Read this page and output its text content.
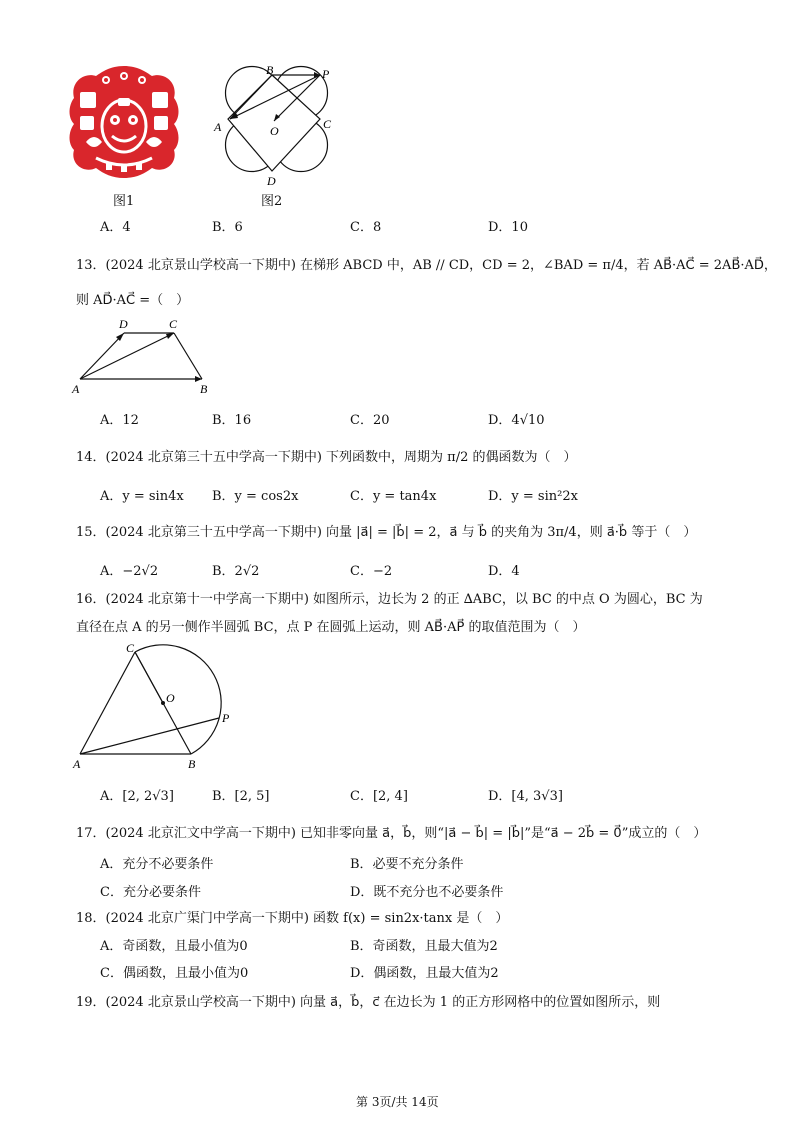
图1
B	P
A	O	C
D
图2
A．4	B．6	C．8	D．10
13．(2024 北京景山学校高一下期中) 在梯形 ABCD 中，AB // CD，CD = 2，∠BAD = π/4，若 AB⃗·AC⃗ = 2AB⃗·AD⃗，
则 AD⃗·AC⃗ =（　）
D	C
A	B
A．12	B．16	C．20	D．4√10
14．(2024 北京第三十五中学高一下期中) 下列函数中，周期为 π/2 的偶函数为（　）
A．y = sin4x B．y = cos2x	C．y = tan4x	D．y = sin²2x
15．(2024 北京第三十五中学高一下期中) 向量 |a⃗| = |b⃗| = 2，a⃗ 与 b⃗ 的夹角为 3π/4，则 a⃗·b⃗ 等于（　）
A．−2√2	B．2√2	C．−2	D．4
16．(2024 北京第十一中学高一下期中) 如图所示，边长为 2 的正 ∆ABC，以 BC 的中点 O 为圆心，BC 为
直径在点 A 的另一侧作半圆弧 BC，点 P 在圆弧上运动，则 AB⃗·AP⃗ 的取值范围为（　）
C
O
P
A	B
A．[2, 2√3]	B．[2, 5]	C．[2, 4]	D．[4, 3√3]
17．(2024 北京汇文中学高一下期中) 已知非零向量 a⃗，b⃗，则“|a⃗ − b⃗| = |b⃗|”是“a⃗ − 2b⃗ = 0⃗”成立的（　）
A．充分不必要条件	B．必要不充分条件
C．充分必要条件	D．既不充分也不必要条件
18．(2024 北京广渠门中学高一下期中) 函数 f(x) = sin2x·tanx 是（　）
A．奇函数，且最小值为0	B．奇函数，且最大值为2
C．偶函数，且最小值为0	D．偶函数，且最大值为2
19．(2024 北京景山学校高一下期中) 向量 a⃗，b⃗，c⃗ 在边长为 1 的正方形网格中的位置如图所示，则
第 3页/共 14页
